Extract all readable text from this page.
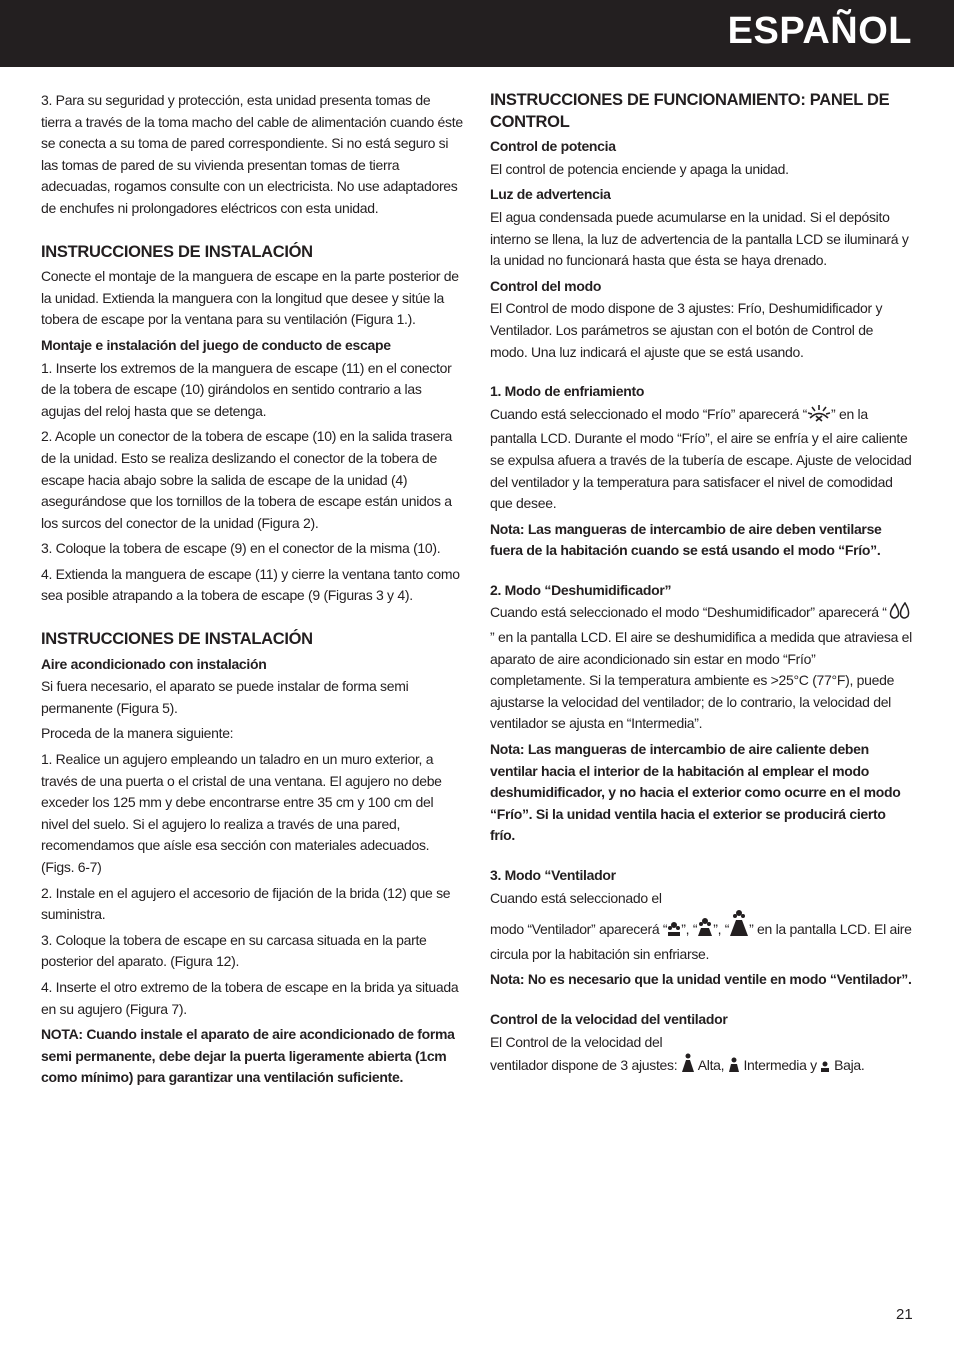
ESPAÑOL

3. Para su seguridad y protección, esta unidad presenta tomas de tierra a través de la toma macho del cable de alimentación cuando éste se conecta a su toma de pared correspondiente. Si no está seguro si las tomas de pared de su vivienda presentan tomas de tierra adecuadas, rogamos consulte con un electricista. No use adaptadores de enchufes ni prolongadores eléctricos con esta unidad.

INSTRUCCIONES DE INSTALACIÓN

Conecte el montaje de la manguera de escape en la parte posterior de la unidad. Extienda la manguera con la longitud que desee y sitúe la tobera de escape por la ventana para su ventilación (Figura 1.).

Montaje e instalación del juego de conducto de escape

1. Inserte los extremos de la manguera de escape (11) en el conector de la tobera de escape (10) girándolos en sentido contrario a las agujas del reloj hasta que se detenga.

2. Acople un conector de la tobera de escape (10) en la salida trasera de la unidad. Esto se realiza deslizando el conector de la tobera de escape hacia abajo sobre la salida de escape de la unidad (4) asegurándose que los tornillos de la tobera de escape están unidos a los surcos del conector de la unidad (Figura 2).

3. Coloque la tobera de escape (9) en el conector de la misma (10).

4. Extienda la manguera de escape (11) y cierre la ventana tanto como sea posible atrapando a la tobera de escape (9 (Figuras 3 y 4).

INSTRUCCIONES DE INSTALACIÓN
Aire acondicionado con instalación

Si fuera necesario, el aparato se puede instalar de forma semi permanente (Figura 5).

Proceda de la manera siguiente:

1. Realice un agujero empleando un taladro en un muro exterior, a través de una puerta o el cristal de una ventana. El agujero no debe exceder los 125 mm y debe encontrarse entre 35 cm y 100 cm del nivel del suelo. Si el agujero lo realiza a través de una pared, recomendamos que aísle esa sección con materiales adecuados. (Figs. 6-7)

2. Instale en el agujero el accesorio de fijación de la brida (12) que se suministra.

3. Coloque la tobera de escape en su carcasa situada en la parte posterior del aparato. (Figura 12).

4. Inserte el otro extremo de la tobera de escape en la brida ya situada en su agujero (Figura 7).

NOTA: Cuando instale el aparato de aire acondicionado de forma semi permanente, debe dejar la puerta ligeramente abierta (1cm como mínimo) para garantizar una ventilación suficiente.

INSTRUCCIONES DE FUNCIONAMIENTO: PANEL DE CONTROL
Control de potencia

El control de potencia enciende y apaga la unidad.

Luz de advertencia

El agua condensada puede acumularse en la unidad. Si el depósito interno se llena, la luz de advertencia de la pantalla LCD se iluminará y la unidad no funcionará hasta que ésta se haya drenado.

Control del modo

El Control de modo dispone de 3 ajustes: Frío, Deshumidificador y Ventilador. Los parámetros se ajustan con el botón de Control de modo. Una luz indicará el ajuste que se está usando.

1. Modo de enfriamiento

Cuando está seleccionado el modo “Frío” aparecerá “ ” en la pantalla LCD. Durante el modo “Frío”, el aire se enfría y el aire caliente se expulsa afuera a través de la tubería de escape. Ajuste de velocidad del ventilador y la temperatura para satisfacer el nivel de comodidad que desee.

Nota: Las mangueras de intercambio de aire deben ventilarse fuera de la habitación cuando se está usando el modo “Frío”.

2. Modo “Deshumidificador”

Cuando está seleccionado el modo “Deshumidificador” aparecerá “” en la pantalla LCD. El aire se deshumidifica a medida que atraviesa el aparato de aire acondicionado sin estar en modo “Frío” completamente. Si la temperatura ambiente es >25°C (77°F), puede ajustarse la velocidad del ventilador; de lo contrario, la velocidad del ventilador se ajusta en “Intermedia”.

Nota: Las mangueras de intercambio de aire caliente deben ventilar hacia el interior de la habitación al emplear el modo deshumidificador, y no hacia el exterior como ocurre en el modo “Frío”. Si la unidad ventila hacia el exterior se producirá cierto frío.

3. Modo “Ventilador

Cuando está seleccionado el
modo “Ventilador” aparecerá “ ”, “ ”, “ ” en la pantalla LCD. El aire circula por la habitación sin enfriarse.

Nota: No es necesario que la unidad ventile en modo “Ventilador”.

Control de la velocidad del ventilador

El Control de la velocidad del
ventilador dispone de 3 ajustes:  Alta,  Intermedia y  Baja.

21
